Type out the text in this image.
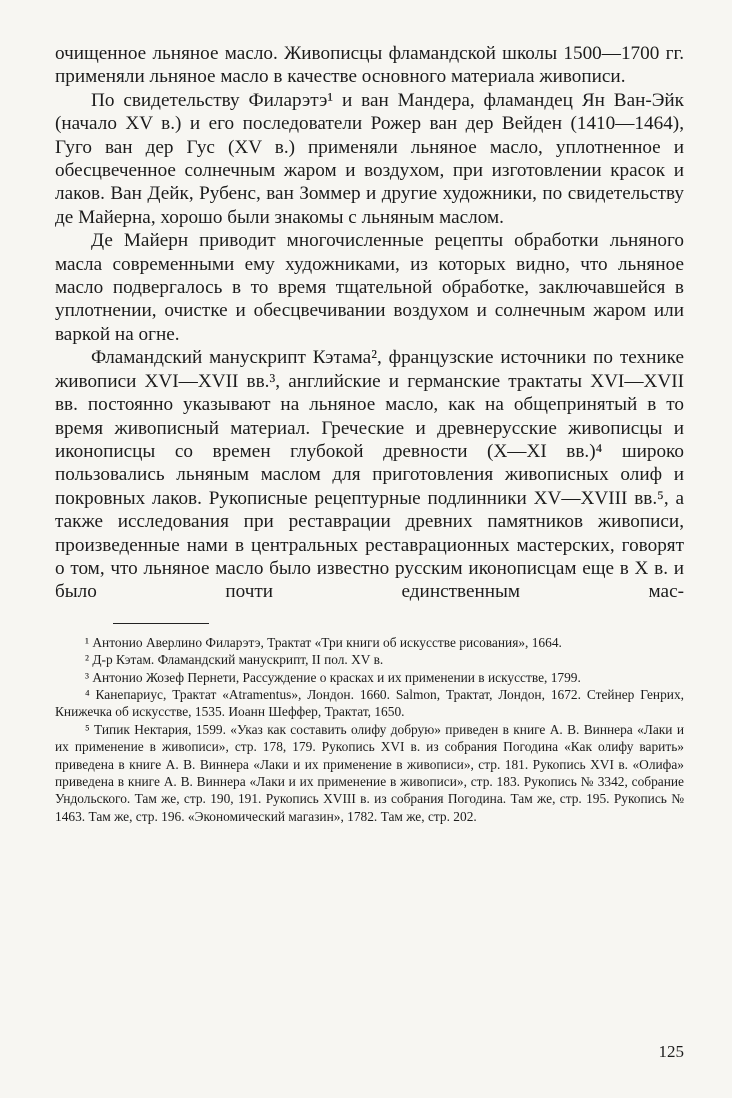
очищенное льняное масло. Живописцы фламандской школы 1500—1700 гг. применяли льняное масло в качестве основного материала живописи.

По свидетельству Филарэтэ¹ и ван Мандера, фламандец Ян Ван-Эйк (начало XV в.) и его последователи Рожер ван дер Вейден (1410—1464), Гуго ван дер Гус (XV в.) применяли льняное масло, уплотненное и обесцвеченное солнечным жаром и воздухом, при изготовлении красок и лаков. Ван Дейк, Рубенс, ван Зоммер и другие художники, по свидетельству де Майерна, хорошо были знакомы с льняным маслом.

Де Майерн приводит многочисленные рецепты обработки льняного масла современными ему художниками, из которых видно, что льняное масло подвергалось в то время тщательной обработке, заключавшейся в уплотнении, очистке и обесцвечивании воздухом и солнечным жаром или варкой на огне.

Фламандский манускрипт Кэтама², французские источники по технике живописи XVI—XVII вв.³, английские и германские трактаты XVI—XVII вв. постоянно указывают на льняное масло, как на общепринятый в то время живописный материал. Греческие и древнерусские живописцы и иконописцы со времен глубокой древности (X—XI вв.)⁴ широко пользовались льняным маслом для приготовления живописных олиф и покровных лаков. Рукописные рецептурные подлинники XV—XVIII вв.⁵, а также исследования при реставрации древних памятников живописи, произведенные нами в центральных реставрационных мастерских, говорят о том, что льняное масло было известно русским иконописцам еще в X в. и было почти единственным мас-

¹ Антонио Аверлино Филарэтэ, Трактат «Три книги об искусстве рисования», 1664.

² Д-р Кэтам. Фламандский манускрипт, II пол. XV в.

³ Антонио Жозеф Пернети, Рассуждение о красках и их применении в искусстве, 1799.

⁴ Канепариус, Трактат «Atramentus», Лондон. 1660. Salmon, Трактат, Лондон, 1672. Стейнер Генрих, Книжечка об искусстве, 1535. Иоанн Шеффер, Трактат, 1650.

⁵ Типик Нектария, 1599. «Указ как составить олифу добрую» приведен в книге А. В. Виннера «Лаки и их применение в живописи», стр. 178, 179. Рукопись XVI в. из собрания Погодина «Как олифу варить» приведена в книге А. В. Виннера «Лаки и их применение в живописи», стр. 181. Рукопись XVI в. «Олифа» приведена в книге А. В. Виннера «Лаки и их применение в живописи», стр. 183. Рукопись № 3342, собрание Ундольского. Там же, стр. 190, 191. Рукопись XVIII в. из собрания Погодина. Там же, стр. 195. Рукопись № 1463. Там же, стр. 196. «Экономический магазин», 1782. Там же, стр. 202.

125
